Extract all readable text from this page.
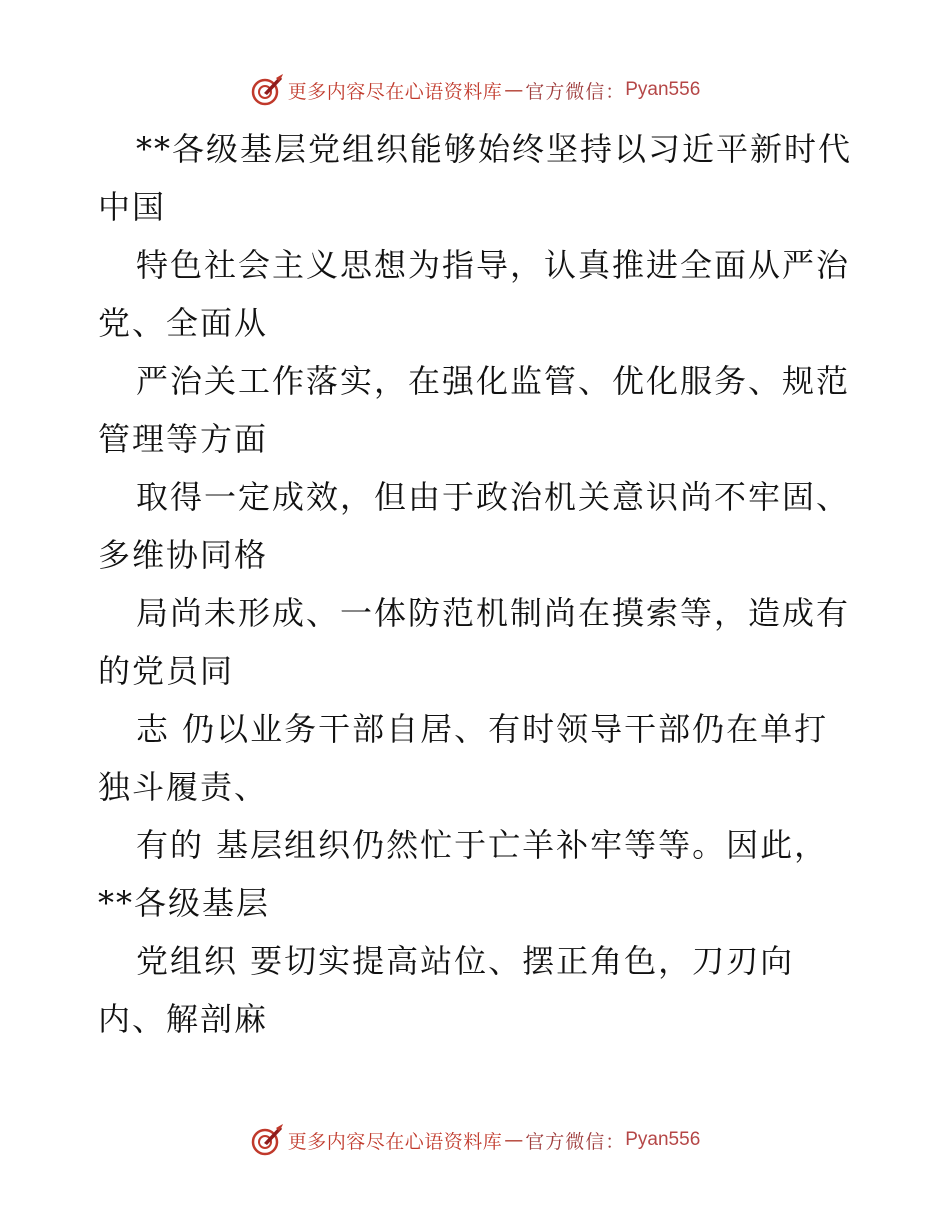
更多内容尽在心语资料库 — 官方微信： Pyan556
**各级基层党组织能够始终坚持以习近平新时代
中国
特色社会主义思想为指导，认真推进全面从严治
党、全面从
严治关工作落实，在强化监管、优化服务、规范
管理等方面
取得一定成效，但由于政治机关意识尚不牢固、
多维协同格
局尚未形成、一体防范机制尚在摸索等，造成有
的党员同
志 仍以业务干部自居、有时领导干部仍在单打
独斗履责、
有的 基层组织仍然忙于亡羊补牢等等。因此，
**各级基层
党组织 要切实提高站位、摆正角色，刀刃向
内、解剖麻
更多内容尽在心语资料库 — 官方微信： Pyan556
